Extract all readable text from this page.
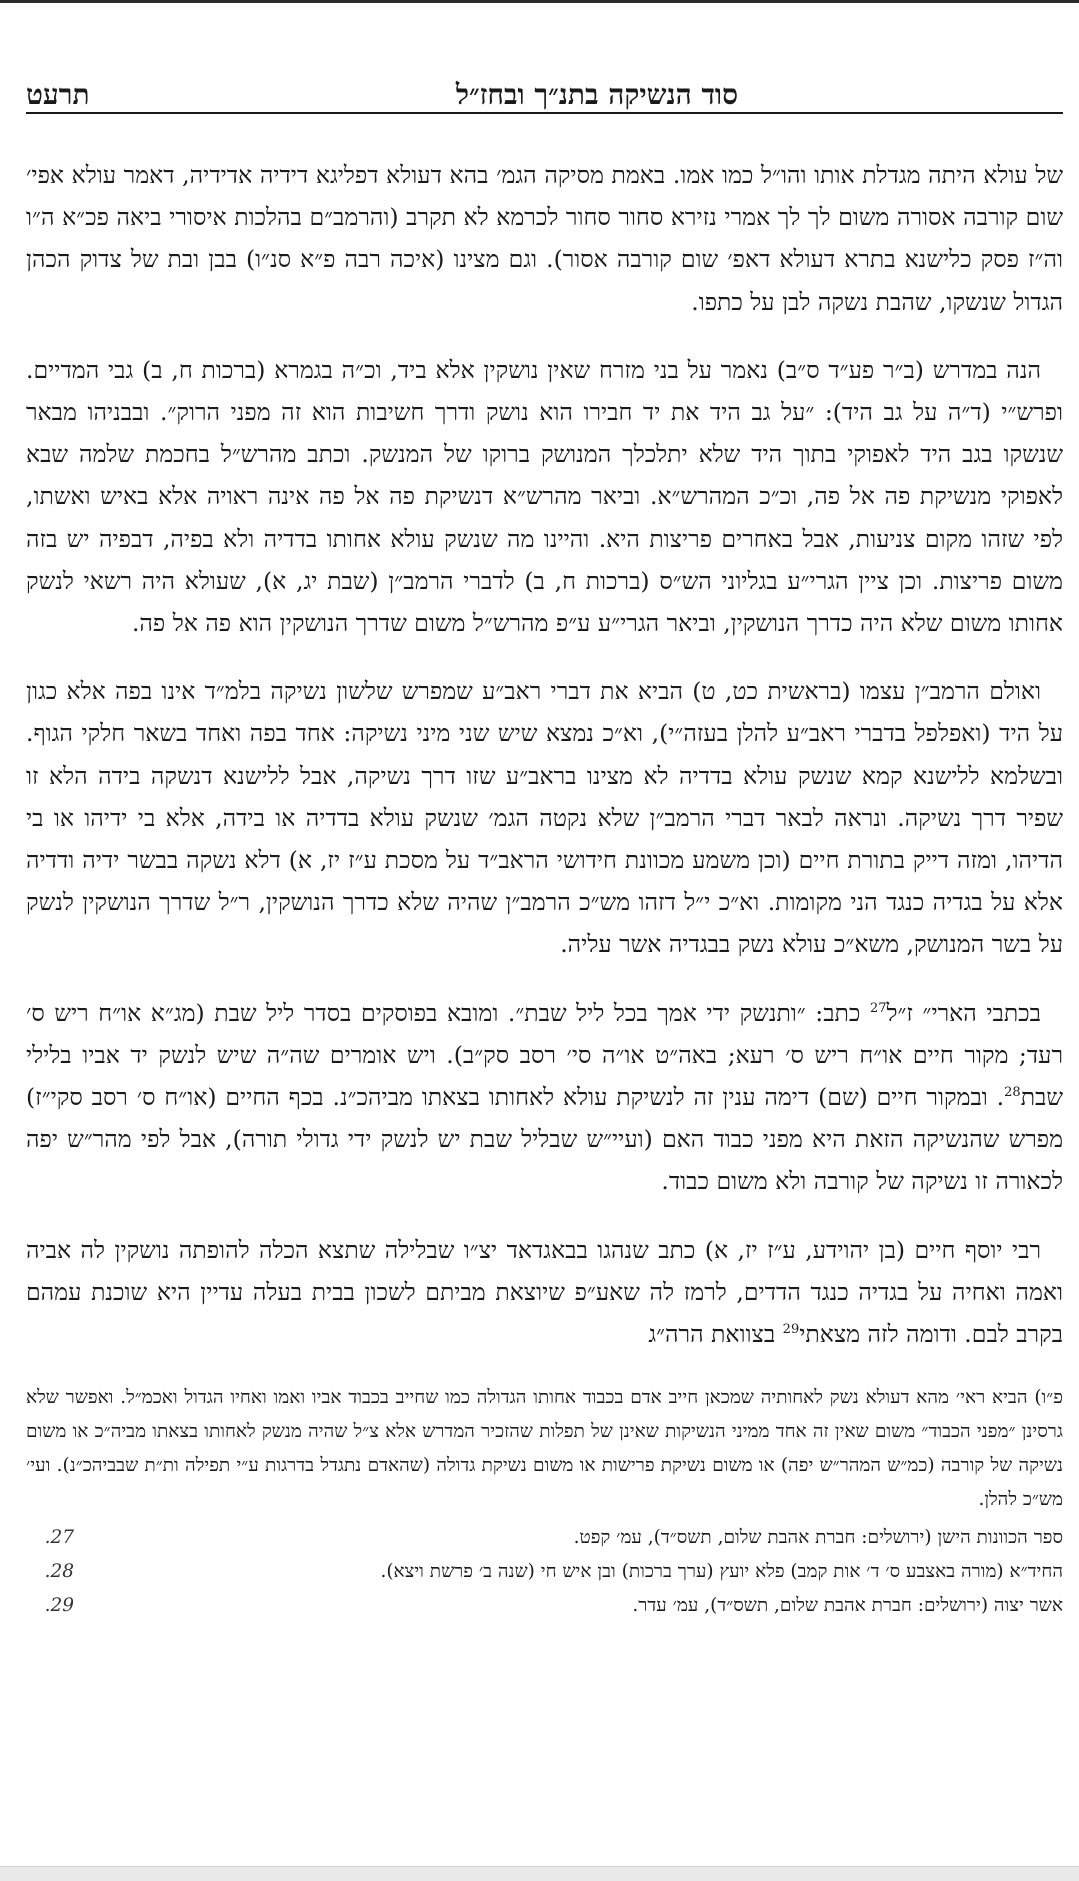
סוד הנשיקה בתנ״ך ובחז״ל
תרעט

של עולא היתה מגדלת אותו והו״ל כמו אמו. באמת מסיקה הגמ׳ בהא דעולא דפליגא דידיה אדידיה, דאמר עולא אפי׳ שום קורבה אסורה משום לך לך אמרי נזירא סחור סחור לכרמא לא תקרב (והרמב״ם בהלכות איסורי ביאה פכ״א ה״ו וה״ז פסק כלישנא בתרא דעולא דאפ׳ שום קורבה אסור). וגם מצינו (איכה רבה פ״א סנ״ו) בבן ובת של צדוק הכהן הגדול שנשקו, שהבת נשקה לבן על כתפו.

הנה במדרש (ב״ר פע״ד ס״ב) נאמר על בני מזרח שאין נושקין אלא ביד, וכ״ה בגמרא (ברכות ח, ב) גבי המדיים. ופרש״י (ד״ה על גב היד): ״על גב היד את יד חבירו הוא נושק ודרך חשיבות הוא זה מפני הרוק״. ובבניהו מבאר שנשקו בגב היד לאפוקי בתוך היד שלא יתלכלך המנושק ברוקו של המנשק. וכתב מהרש״ל בחכמת שלמה שבא לאפוקי מנשיקת פה אל פה, וכ״כ המהרש״א. וביאר מהרש״א דנשיקת פה אל פה אינה ראויה אלא באיש ואשתו, לפי שזהו מקום צניעות, אבל באחרים פריצות היא. והיינו מה שנשק עולא אחותו בדדיה ולא בפיה, דבפיה יש בזה משום פריצות. וכן ציין הגרי״ע בגליוני הש״ס (ברכות ח, ב) לדברי הרמב״ן (שבת יג, א), שעולא היה רשאי לנשק אחותו משום שלא היה כדרך הנושקין, וביאר הגרי״ע ע״פ מהרש״ל משום שדרך הנושקין הוא פה אל פה.

ואולם הרמב״ן עצמו (בראשית כט, ט) הביא את דברי ראב״ע שמפרש שלשון נשיקה בלמ״ד אינו בפה אלא כגון על היד (ואפלפל בדברי ראב״ע להלן בעזה״י), וא״כ נמצא שיש שני מיני נשיקה: אחד בפה ואחד בשאר חלקי הגוף. ובשלמא ללישנא קמא שנשק עולא בדדיה לא מצינו בראב״ע שזו דרך נשיקה, אבל ללישנא דנשקה בידה הלא זו שפיר דרך נשיקה. ונראה לבאר דברי הרמב״ן שלא נקטה הגמ׳ שנשק עולא בדדיה או בידה, אלא בי ידיהו או בי הדיהו, ומזה דייק בתורת חיים (וכן משמע מכוונת חידושי הראב״ד על מסכת ע״ז יז, א) דלא נשקה בבשר ידיה ודדיה אלא על בגדיה כנגד הני מקומות. וא״כ י״ל דזהו מש״כ הרמב״ן שהיה שלא כדרך הנושקין, ר״ל שדרך הנושקין לנשק על בשר המנושק, משא״כ עולא נשק בבגדיה אשר עליה.

בכתבי הארי״ ז״ל$^{27}$ כתב: ״ותנשק ידי אמך בכל ליל שבת״. ומובא בפוסקים בסדר ליל שבת (מג״א או״ח ריש ס׳ רעד; מקור חיים או״ח ריש ס׳ רעא; באה״ט או״ה סי׳ רסב סק״ב). ויש אומרים שה״ה שיש לנשק יד אביו בלילי שבת$^{28}$. ובמקור חיים (שם) דימה ענין זה לנשיקת עולא לאחותו בצאתו מביהכ״נ. בכף החיים (או״ח ס׳ רסב סקי״ז) מפרש שהנשיקה הזאת היא מפני כבוד האם (ועיי״ש שבליל שבת יש לנשק ידי גדולי תורה), אבל לפי מהר״ש יפה לכאורה זו נשיקה של קורבה ולא משום כבוד.

רבי יוסף חיים (בן יהוידע, ע״ז יז, א) כתב שנהגו בבאגדאד יצ״ו שבלילה שתצא הכלה להופתה נושקין לה אביה ואמה ואחיה על בגדיה כנגד הדדים, לרמז לה שאע״פ שיוצאת מביתם לשכון בבית בעלה עדיין היא שוכנת עמהם בקרב לבם. ודומה לזה מצאתי$^{29}$ בצוואת הרה״ג

פ״ו) הביא ראי׳ מהא דעולא נשק לאחותיה שמכאן חייב אדם בכבוד אחותו הגדולה כמו שחייב בכבוד אביו ואמו ואחיו הגדול ואכמ״ל. ואפשר שלא גרסינן ״מפני הכבוד״ משום שאין זה אחד ממיני הנשיקות שאינן של תפלות שהזכיר המדרש אלא צ״ל שהיה מנשק לאחותו בצאתו מביה״כ או משום נשיקה של קורבה (כמ״ש המהר״ש יפה) או משום נשיקת פרישות או משום נשיקת גדולה (שהאדם נתגדל בדרגות ע״י תפילה ות״ת שבביהכ״נ). ועי׳ מש״כ להלן.

ספר הכוונות הישן (ירושלים: חברת אהבת שלום, תשס״ד), עמ׳ קפט.
27.
החיד״א (מורה באצבע ס׳ ד׳ אות קמב) פלא יועץ (ערך ברכות) ובן איש חי (שנה ב׳ פרשת ויצא).
28.
אשר יצוה (ירושלים: חברת אהבת שלום, תשס״ד), עמ׳ עדר.
29.
